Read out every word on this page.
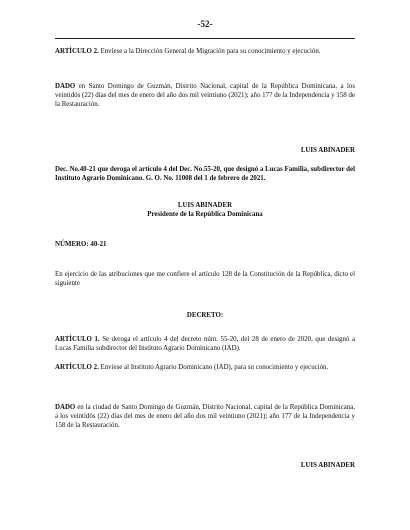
-52-

ARTÍCULO 2. Envíese a la Dirección General de Migración para su conocimiento y ejecución.

DADO en Santo Domingo de Guzmán, Distrito Nacional, capital de la República Dominicana, a los veintidós (22) días del mes de enero del año dos mil veintiuno (2021); año 177 de la Independencia y 158 de la Restauración.

LUIS ABINADER

Dec. No.40-21 que deroga el artículo 4 del Dec. No.55-20, que designó a Lucas Familia, subdirector del Instituto Agrario Dominicano. G. O. No. 11008 del 1 de febrero de 2021.

LUIS ABINADER

Presidente de la República Dominicana

NÚMERO: 40-21

En ejercicio de las atribuciones que me confiere el artículo 128 de la Constitución de la República, dicto el siguiente

DECRETO:

ARTÍCULO 1. Se deroga el artículo 4 del decreto núm. 55-20, del 28 de enero de 2020, que designó a Lucas Familia subdirector del Instituto Agrario Dominicano (IAD).

ARTÍCULO 2. Envíese al Instituto Agrario Dominicano (IAD), para su conocimiento y ejecución.

DADO en la ciudad de Santo Domingo de Guzmán, Distrito Nacional, capital de la República Dominicana, a los veintidós (22) días del mes de enero del año dos mil veintiuno (2021); año 177 de la Independencia y 158 de la Restauración.

LUIS ABINADER
